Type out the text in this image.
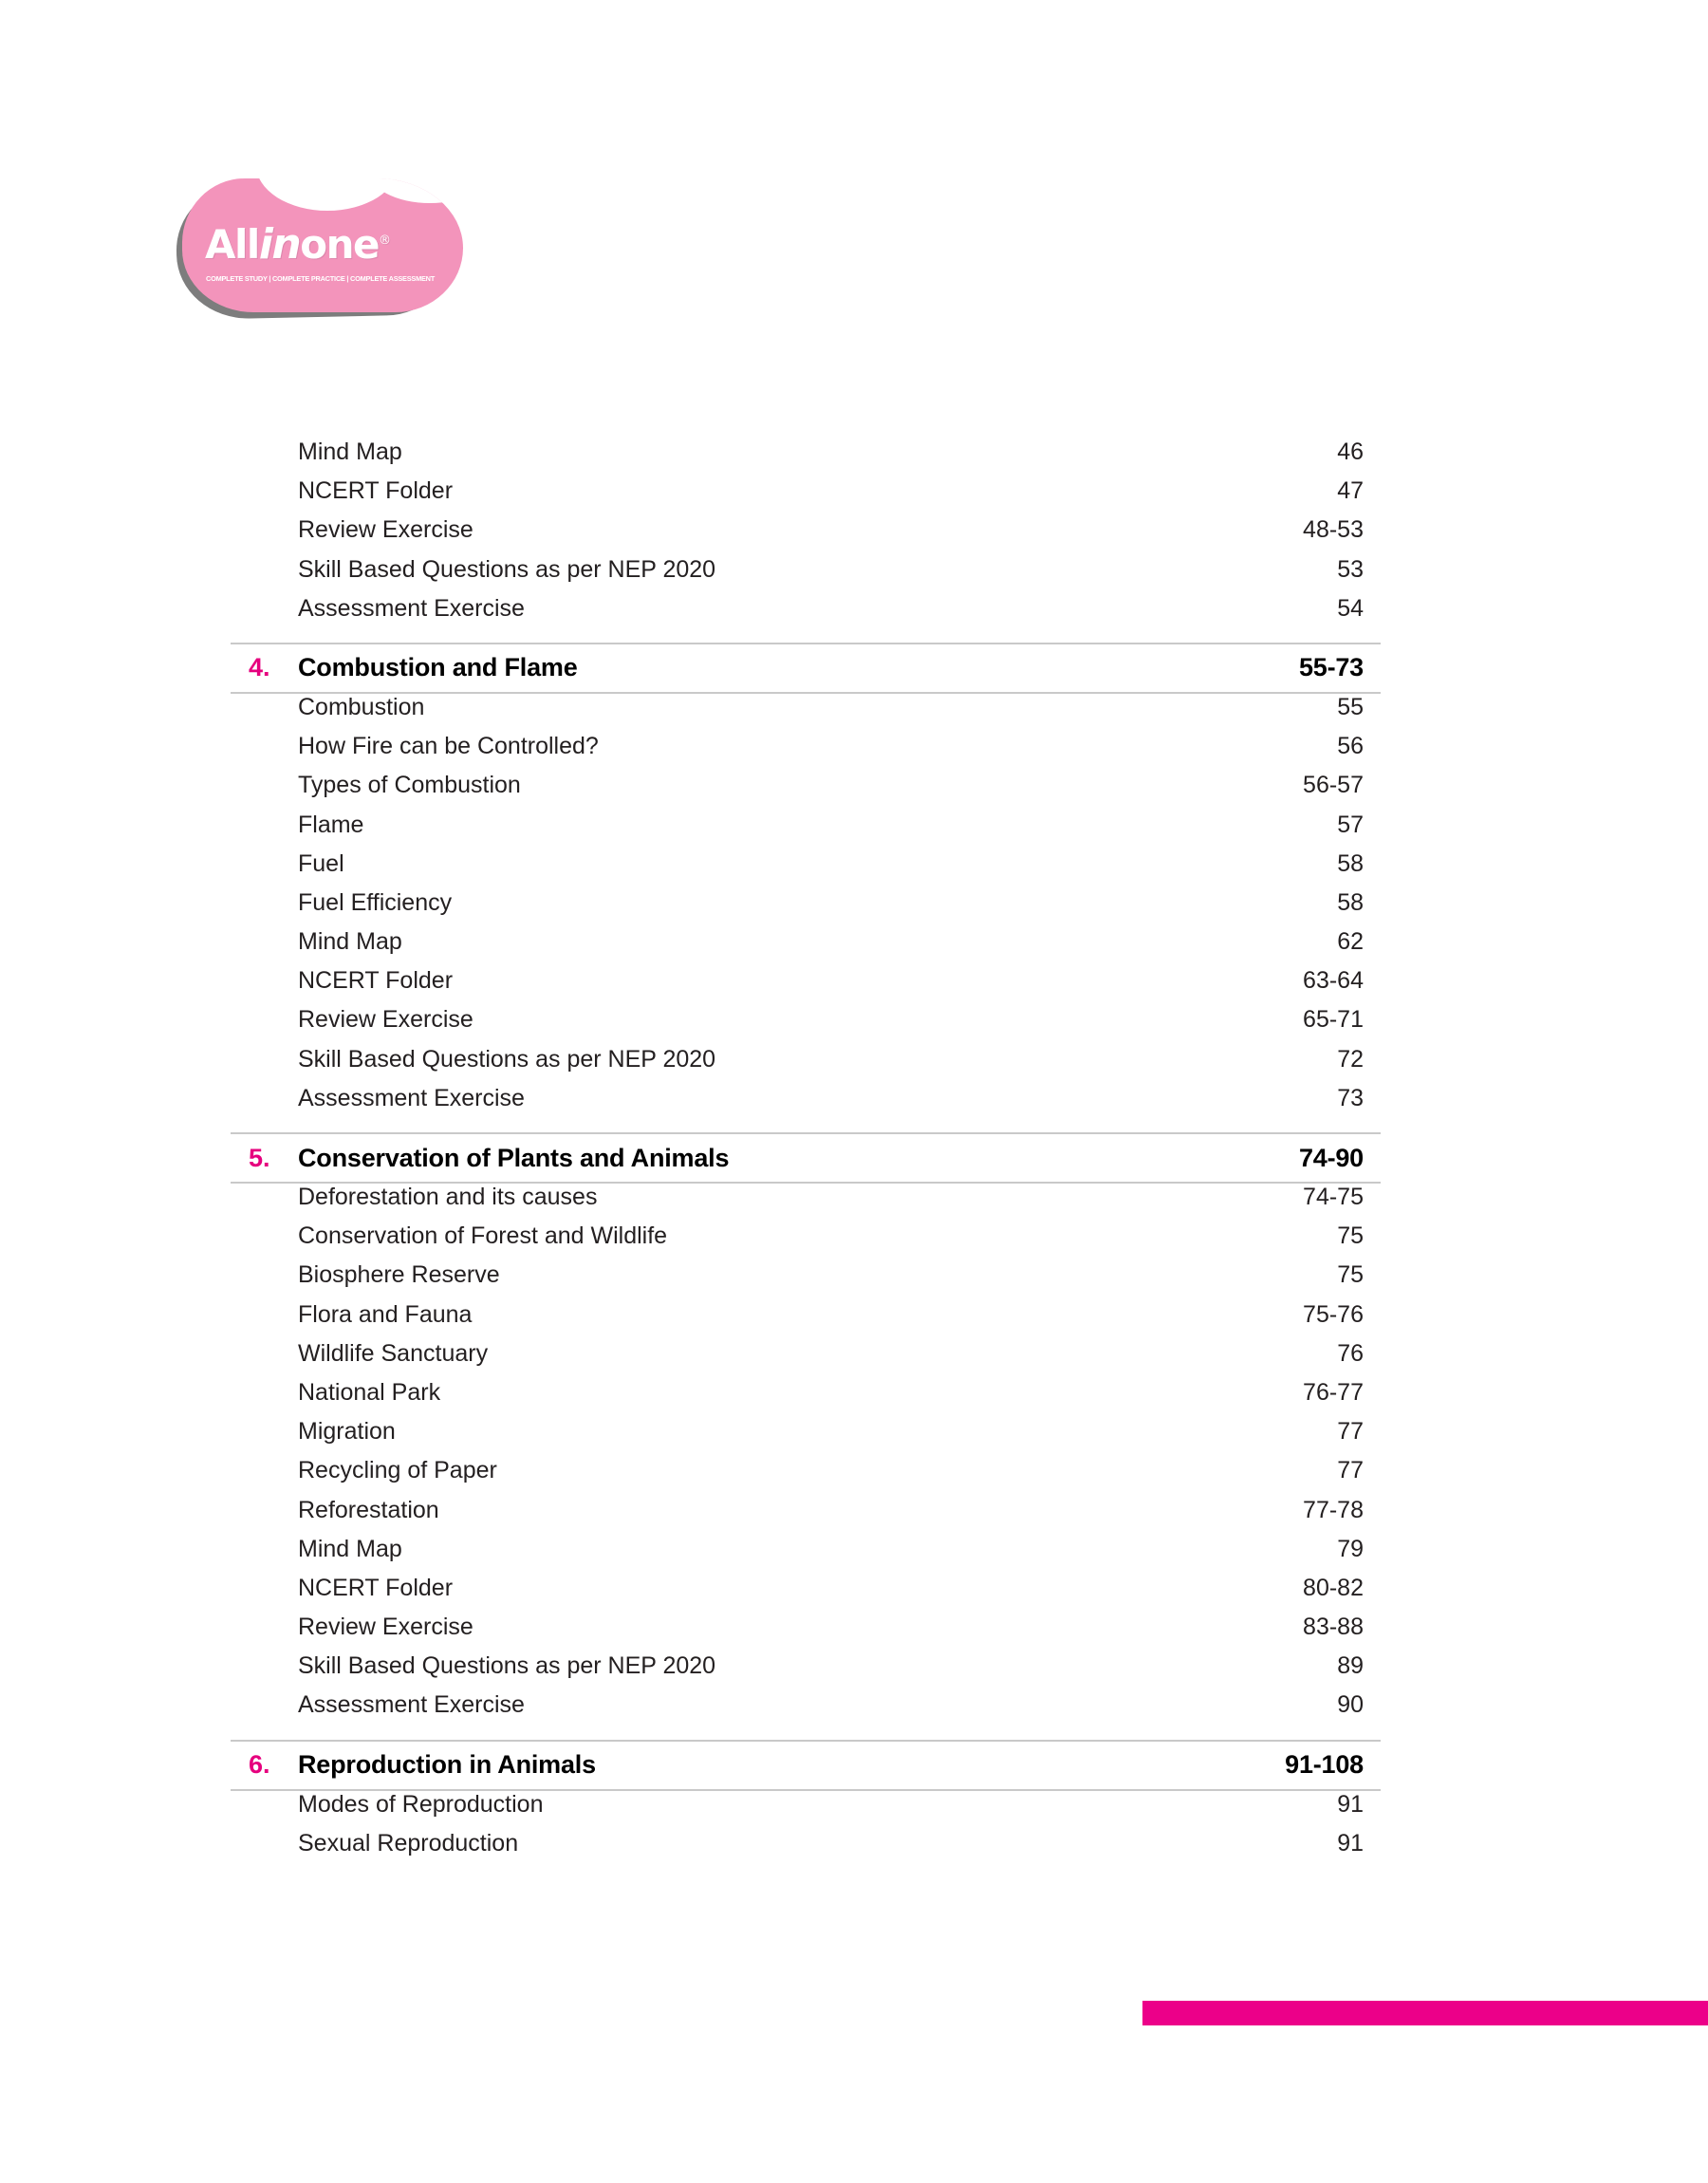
Allinone®
COMPLETE STUDY | COMPLETE PRACTICE | COMPLETE ASSESSMENT
Mind Map	46
NCERT Folder	47
Review Exercise	48-53
Skill Based Questions as per NEP 2020	53
Assessment Exercise	54
4.	Combustion and Flame	55-73
Combustion	55
How Fire can be Controlled?	56
Types of Combustion	56-57
Flame	57
Fuel	58
Fuel Efficiency	58
Mind Map	62
NCERT Folder	63-64
Review Exercise	65-71
Skill Based Questions as per NEP 2020	72
Assessment Exercise	73
5.	Conservation of Plants and Animals	74-90
Deforestation and its causes	74-75
Conservation of Forest and Wildlife	75
Biosphere Reserve	75
Flora and Fauna	75-76
Wildlife Sanctuary	76
National Park	76-77
Migration	77
Recycling of Paper	77
Reforestation	77-78
Mind Map	79
NCERT Folder	80-82
Review Exercise	83-88
Skill Based Questions as per NEP 2020	89
Assessment Exercise	90
6.	Reproduction in Animals	91-108
Modes of Reproduction	91
Sexual Reproduction	91
